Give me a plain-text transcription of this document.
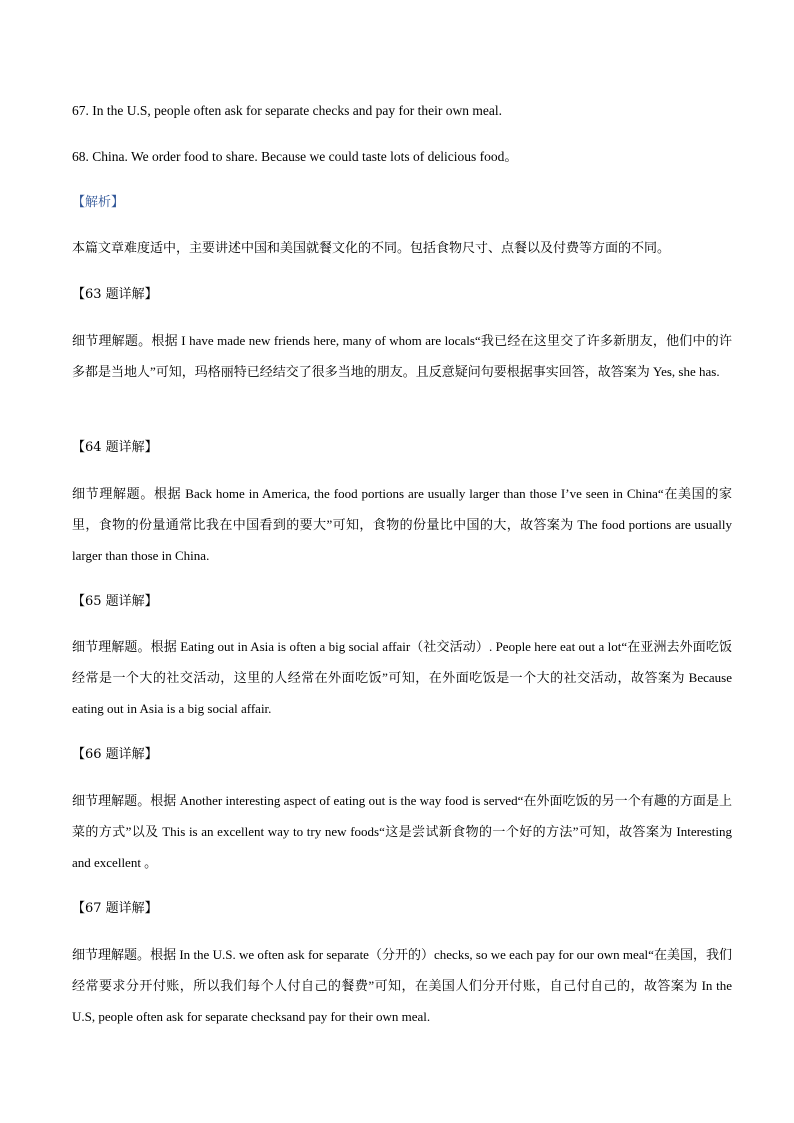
67. In the U.S, people often ask for separate checks and pay for their own meal.
68. China. We order food to share. Because we could taste lots of delicious food。
【解析】
本篇文章难度适中，主要讲述中国和美国就餐文化的不同。包括食物尺寸、点餐以及付费等方面的不同。
【63 题详解】
细节理解题。根据 I have made new friends here, many of whom are locals“我已经在这里交了许多新朋友，他们中的许多都是当地人”可知，玛格丽特已经结交了很多当地的朋友。且反意疑问句要根据事实回答，故答案为 Yes, she has.
【64 题详解】
细节理解题。根据 Back home in America, the food portions are usually larger than those I’ve seen in China“在美国的家里，食物的份量通常比我在中国看到的要大”可知，食物的份量比中国的大，故答案为 The food portions are usually larger than those in China.
【65 题详解】
细节理解题。根据 Eating out in Asia is often a big social affair（社交活动）. People here eat out a lot“在亚洲去外面吃饭经常是一个大的社交活动，这里的人经常在外面吃饭”可知，在外面吃饭是一个大的社交活动，故答案为 Because eating out in Asia is a big social affair.
【66 题详解】
细节理解题。根据 Another interesting aspect of eating out is the way food is served“在外面吃饭的另一个有趣的方面是上菜的方式”以及 This is an excellent way to try new foods“这是尝试新食物的一个好的方法”可知，故答案为 Interesting and excellent 。
【67 题详解】
细节理解题。根据 In the U.S. we often ask for separate（分开的）checks, so we each pay for our own meal“在美国，我们经常要求分开付账，所以我们每个人付自己的餐费”可知，在美国人们分开付账，自己付自己的，故答案为 In the U.S, people often ask for separate checksand pay for their own meal.
